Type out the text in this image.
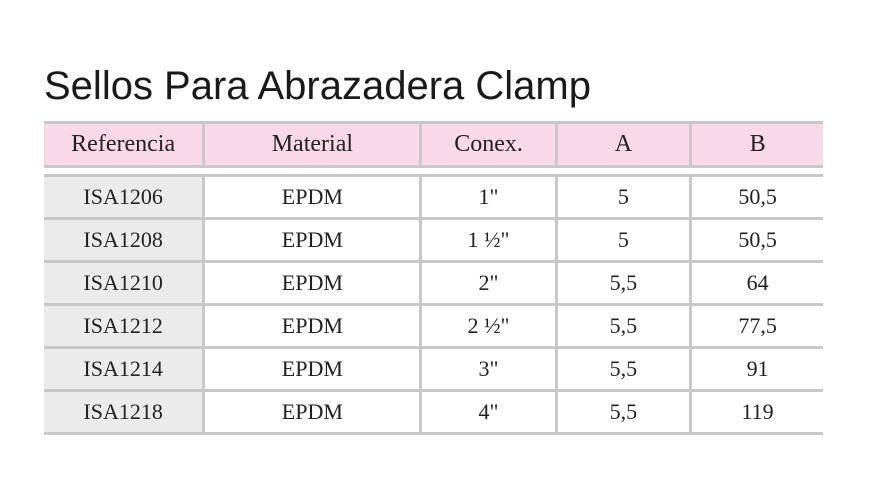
Sellos Para Abrazadera Clamp
Referencia	Material	Conex.	A	B

ISA1206	EPDM	1"	5	50,5
ISA1208	EPDM	1 ½"	5	50,5
ISA1210	EPDM	2"	5,5	64
ISA1212	EPDM	2 ½"	5,5	77,5
ISA1214	EPDM	3"	5,5	91
ISA1218	EPDM	4"	5,5	119
